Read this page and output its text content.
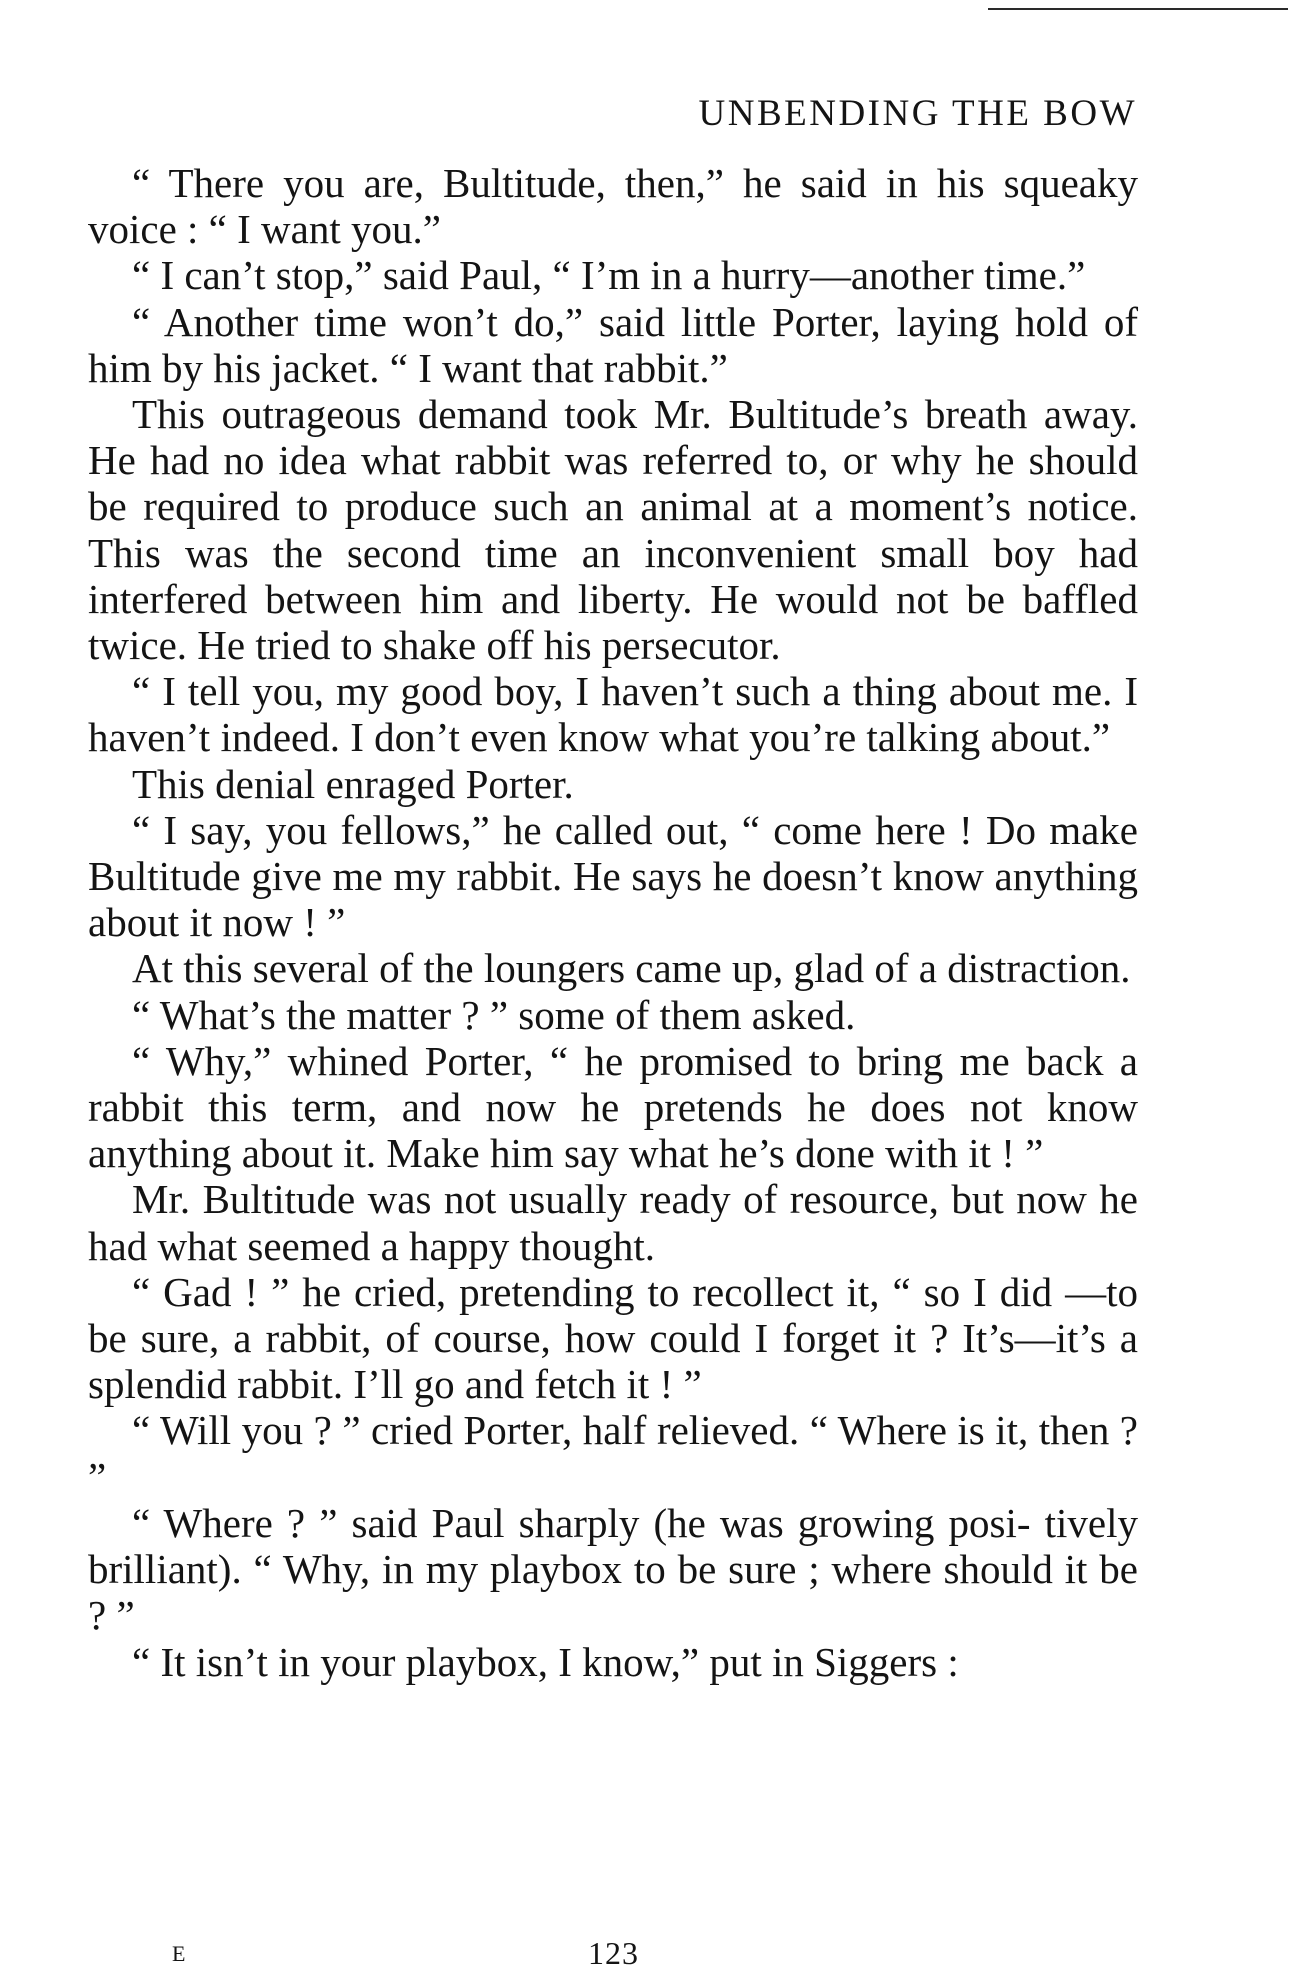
UNBENDING THE BOW

“ There you are, Bultitude, then,” he said in his squeaky voice : “ I want you.”

“ I can’t stop,” said Paul, “ I’m in a hurry—another time.”

“ Another time won’t do,” said little Porter, laying hold of him by his jacket. “ I want that rabbit.”

This outrageous demand took Mr. Bultitude’s breath away. He had no idea what rabbit was referred to, or why he should be required to produce such an animal at a moment’s notice. This was the second time an inconvenient small boy had interfered between him and liberty. He would not be baffled twice. He tried to shake off his persecutor.

“ I tell you, my good boy, I haven’t such a thing about me. I haven’t indeed. I don’t even know what you’re talking about.”

This denial enraged Porter.

“ I say, you fellows,” he called out, “ come here ! Do make Bultitude give me my rabbit. He says he doesn’t know anything about it now ! ”

At this several of the loungers came up, glad of a distraction.

“ What’s the matter ? ” some of them asked.

“ Why,” whined Porter, “ he promised to bring me back a rabbit this term, and now he pretends he does not know anything about it. Make him say what he’s done with it ! ”

Mr. Bultitude was not usually ready of resource, but now he had what seemed a happy thought.

“ Gad ! ” he cried, pretending to recollect it, “ so I did —to be sure, a rabbit, of course, how could I forget it ? It’s—it’s a splendid rabbit. I’ll go and fetch it ! ”

“ Will you ? ” cried Porter, half relieved. “ Where is it, then ? ”

“ Where ? ” said Paul sharply (he was growing posi- tively brilliant). “ Why, in my playbox to be sure ; where should it be ? ”

“ It isn’t in your playbox, I know,” put in Siggers :

E	123
